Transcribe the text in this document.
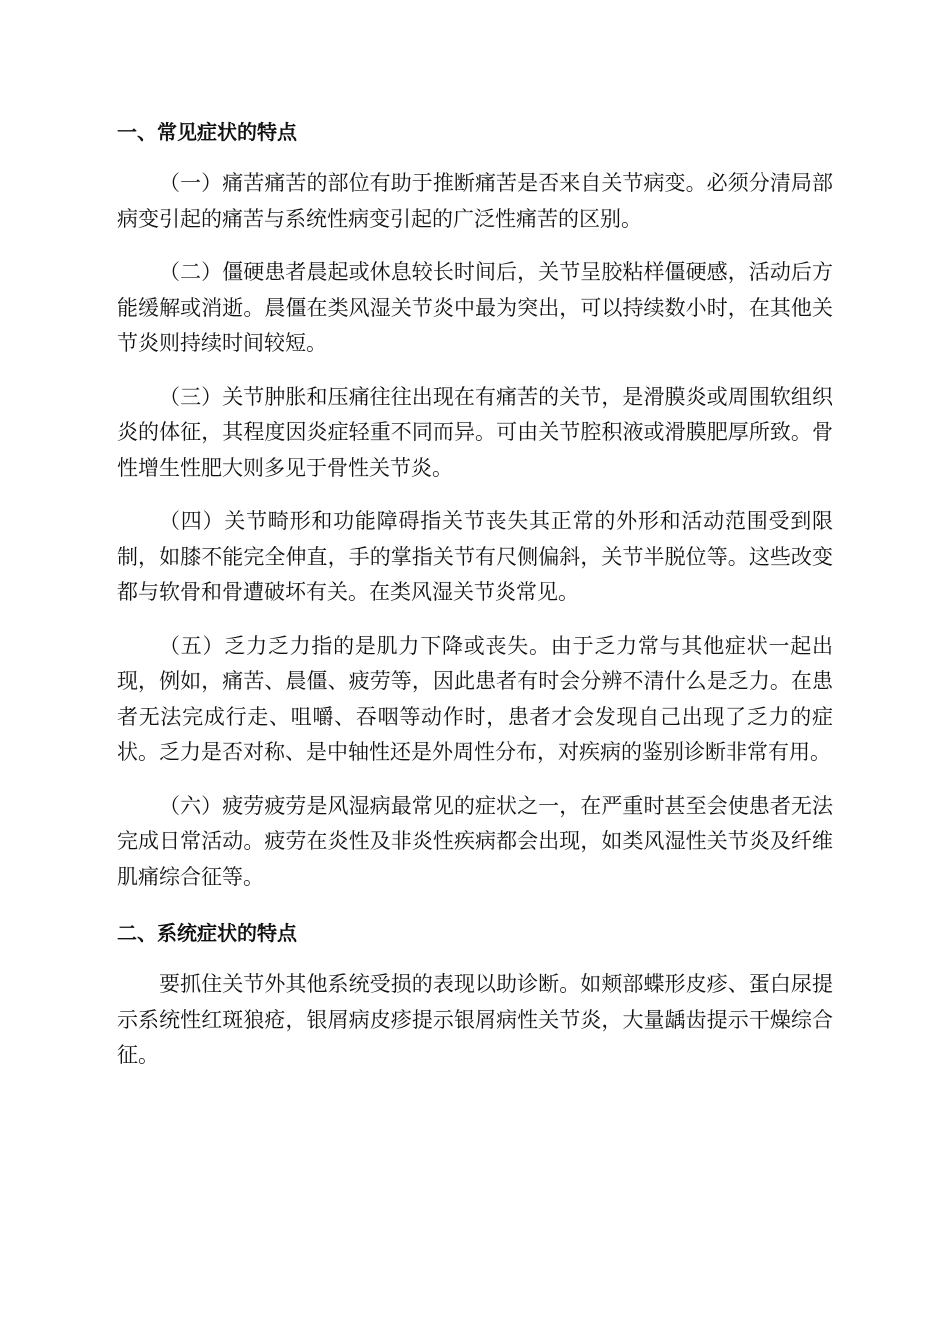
一、常见症状的特点

（一）痛苦痛苦的部位有助于推断痛苦是否来自关节病变。必须分清局部病变引起的痛苦与系统性病变引起的广泛性痛苦的区别。

（二）僵硬患者晨起或休息较长时间后，关节呈胶粘样僵硬感，活动后方能缓解或消逝。晨僵在类风湿关节炎中最为突出，可以持续数小时，在其他关节炎则持续时间较短。

（三）关节肿胀和压痛往往出现在有痛苦的关节，是滑膜炎或周围软组织炎的体征，其程度因炎症轻重不同而异。可由关节腔积液或滑膜肥厚所致。骨性增生性肥大则多见于骨性关节炎。

（四）关节畸形和功能障碍指关节丧失其正常的外形和活动范围受到限制，如膝不能完全伸直，手的掌指关节有尺侧偏斜，关节半脱位等。这些改变都与软骨和骨遭破坏有关。在类风湿关节炎常见。

（五）乏力乏力指的是肌力下降或丧失。由于乏力常与其他症状一起出现，例如，痛苦、晨僵、疲劳等，因此患者有时会分辨不清什么是乏力。在患者无法完成行走、咀嚼、吞咽等动作时，患者才会发现自己出现了乏力的症状。乏力是否对称、是中轴性还是外周性分布，对疾病的鉴别诊断非常有用。

（六）疲劳疲劳是风湿病最常见的症状之一，在严重时甚至会使患者无法完成日常活动。疲劳在炎性及非炎性疾病都会出现，如类风湿性关节炎及纤维肌痛综合征等。

二、系统症状的特点

要抓住关节外其他系统受损的表现以助诊断。如颊部蝶形皮疹、蛋白尿提示系统性红斑狼疮，银屑病皮疹提示银屑病性关节炎，大量龋齿提示干燥综合征。
